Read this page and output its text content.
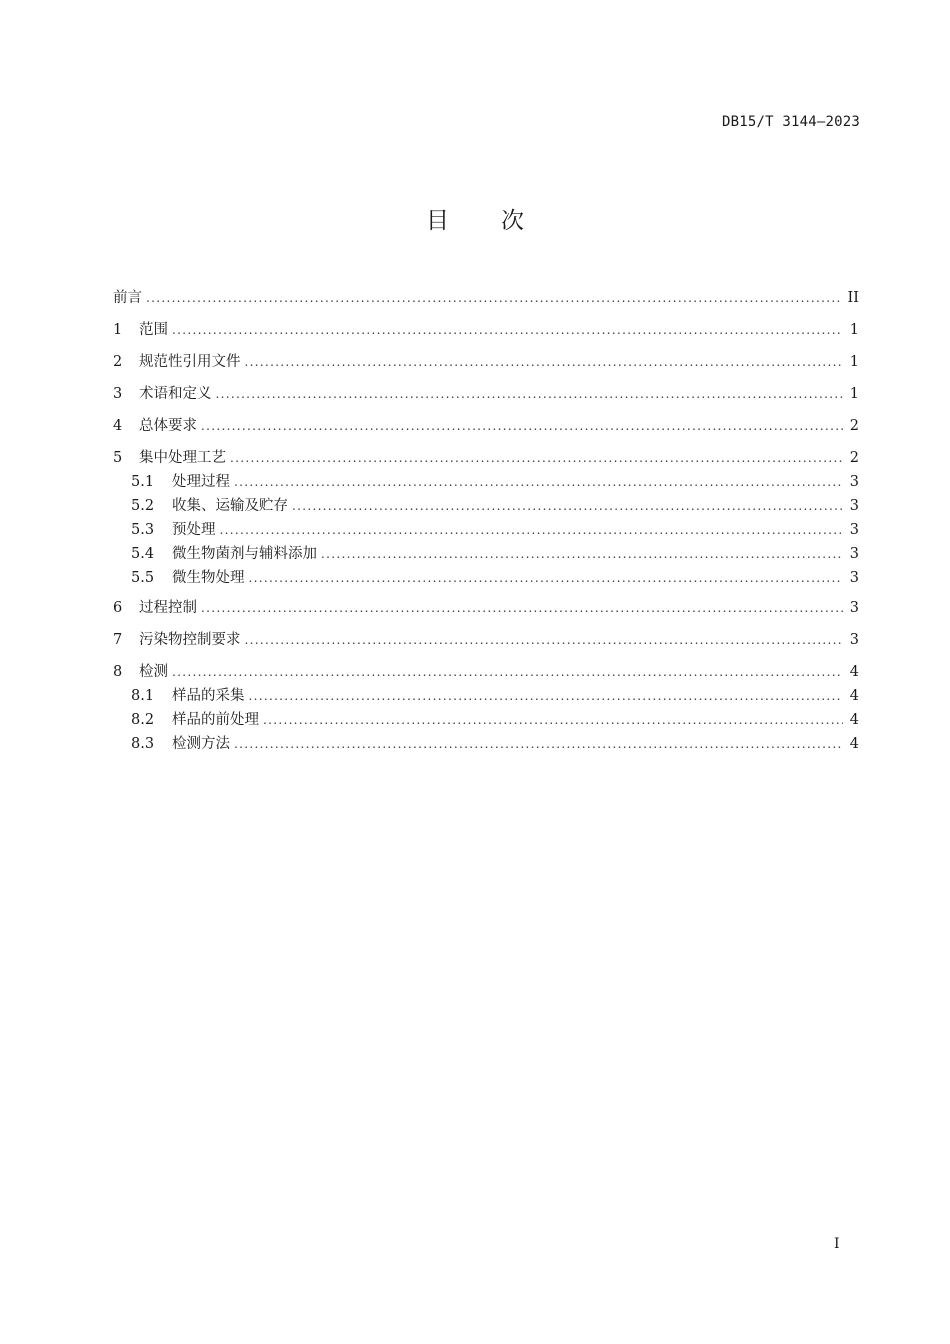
DB15/T 3144—2023
目 次
前言 .....	II
1	范围 .....	1
2	规范性引用文件 .....	1
3	术语和定义 .....	1
4	总体要求 .....	2
5	集中处理工艺 .....	2
5.1	处理过程 .....	3
5.2	收集、运输及贮存 .....	3
5.3	预处理 .....	3
5.4	微生物菌剂与辅料添加 .....	3
5.5	微生物处理 .....	3
6	过程控制 .....	3
7	污染物控制要求 .....	3
8	检测 .....	4
8.1	样品的采集 .....	4
8.2	样品的前处理 .....	4
8.3	检测方法 .....	4
I
